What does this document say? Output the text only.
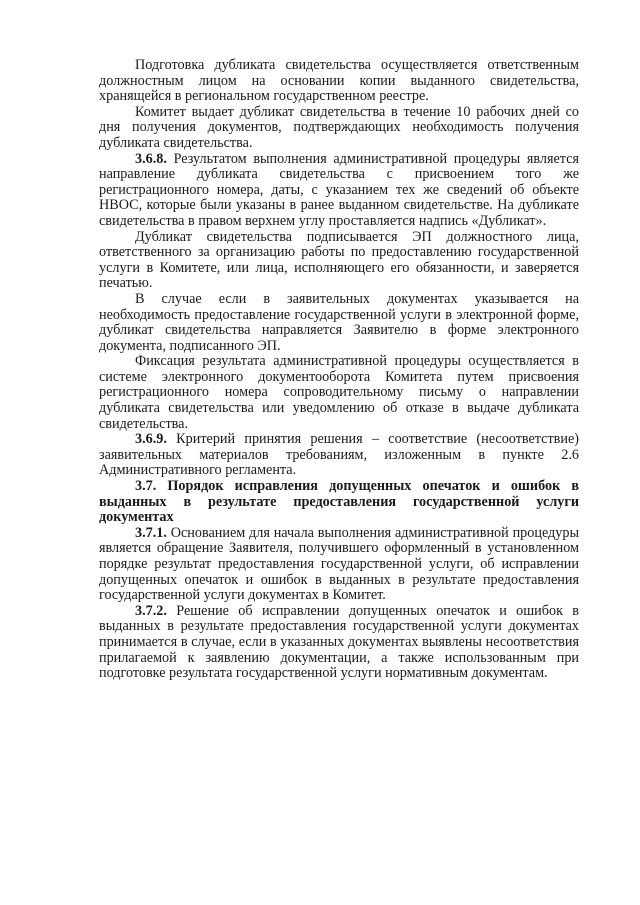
Подготовка дубликата свидетельства осуществляется ответственным должностным лицом на основании копии выданного свидетельства, хранящейся в региональном государственном реестре.

Комитет выдает дубликат свидетельства в течение 10 рабочих дней со дня получения документов, подтверждающих необходимость получения дубликата свидетельства.

3.6.8. Результатом выполнения административной процедуры является направление дубликата свидетельства с присвоением того же регистрационного номера, даты, с указанием тех же сведений об объекте НВОС, которые были указаны в ранее выданном свидетельстве. На дубликате свидетельства в правом верхнем углу проставляется надпись «Дубликат».

Дубликат свидетельства подписывается ЭП должностного лица, ответственного за организацию работы по предоставлению государственной услуги в Комитете, или лица, исполняющего его обязанности, и заверяется печатью.

В случае если в заявительных документах указывается на необходимость предоставление государственной услуги в электронной форме, дубликат свидетельства направляется Заявителю в форме электронного документа, подписанного ЭП.

Фиксация результата административной процедуры осуществляется в системе электронного документооборота Комитета путем присвоения регистрационного номера сопроводительному письму о направлении дубликата свидетельства или уведомлению об отказе в выдаче дубликата свидетельства.

3.6.9. Критерий принятия решения – соответствие (несоответствие) заявительных материалов требованиям, изложенным в пункте 2.6 Административного регламента.

3.7. Порядок исправления допущенных опечаток и ошибок в выданных в результате предоставления государственной услуги документах

3.7.1. Основанием для начала выполнения административной процедуры является обращение Заявителя, получившего оформленный в установленном порядке результат предоставления государственной услуги, об исправлении допущенных опечаток и ошибок в выданных в результате предоставления государственной услуги документах в Комитет.

3.7.2. Решение об исправлении допущенных опечаток и ошибок в выданных в результате предоставления государственной услуги документах принимается в случае, если в указанных документах выявлены несоответствия прилагаемой к заявлению документации, а также использованным при подготовке результата государственной услуги нормативным документам.
